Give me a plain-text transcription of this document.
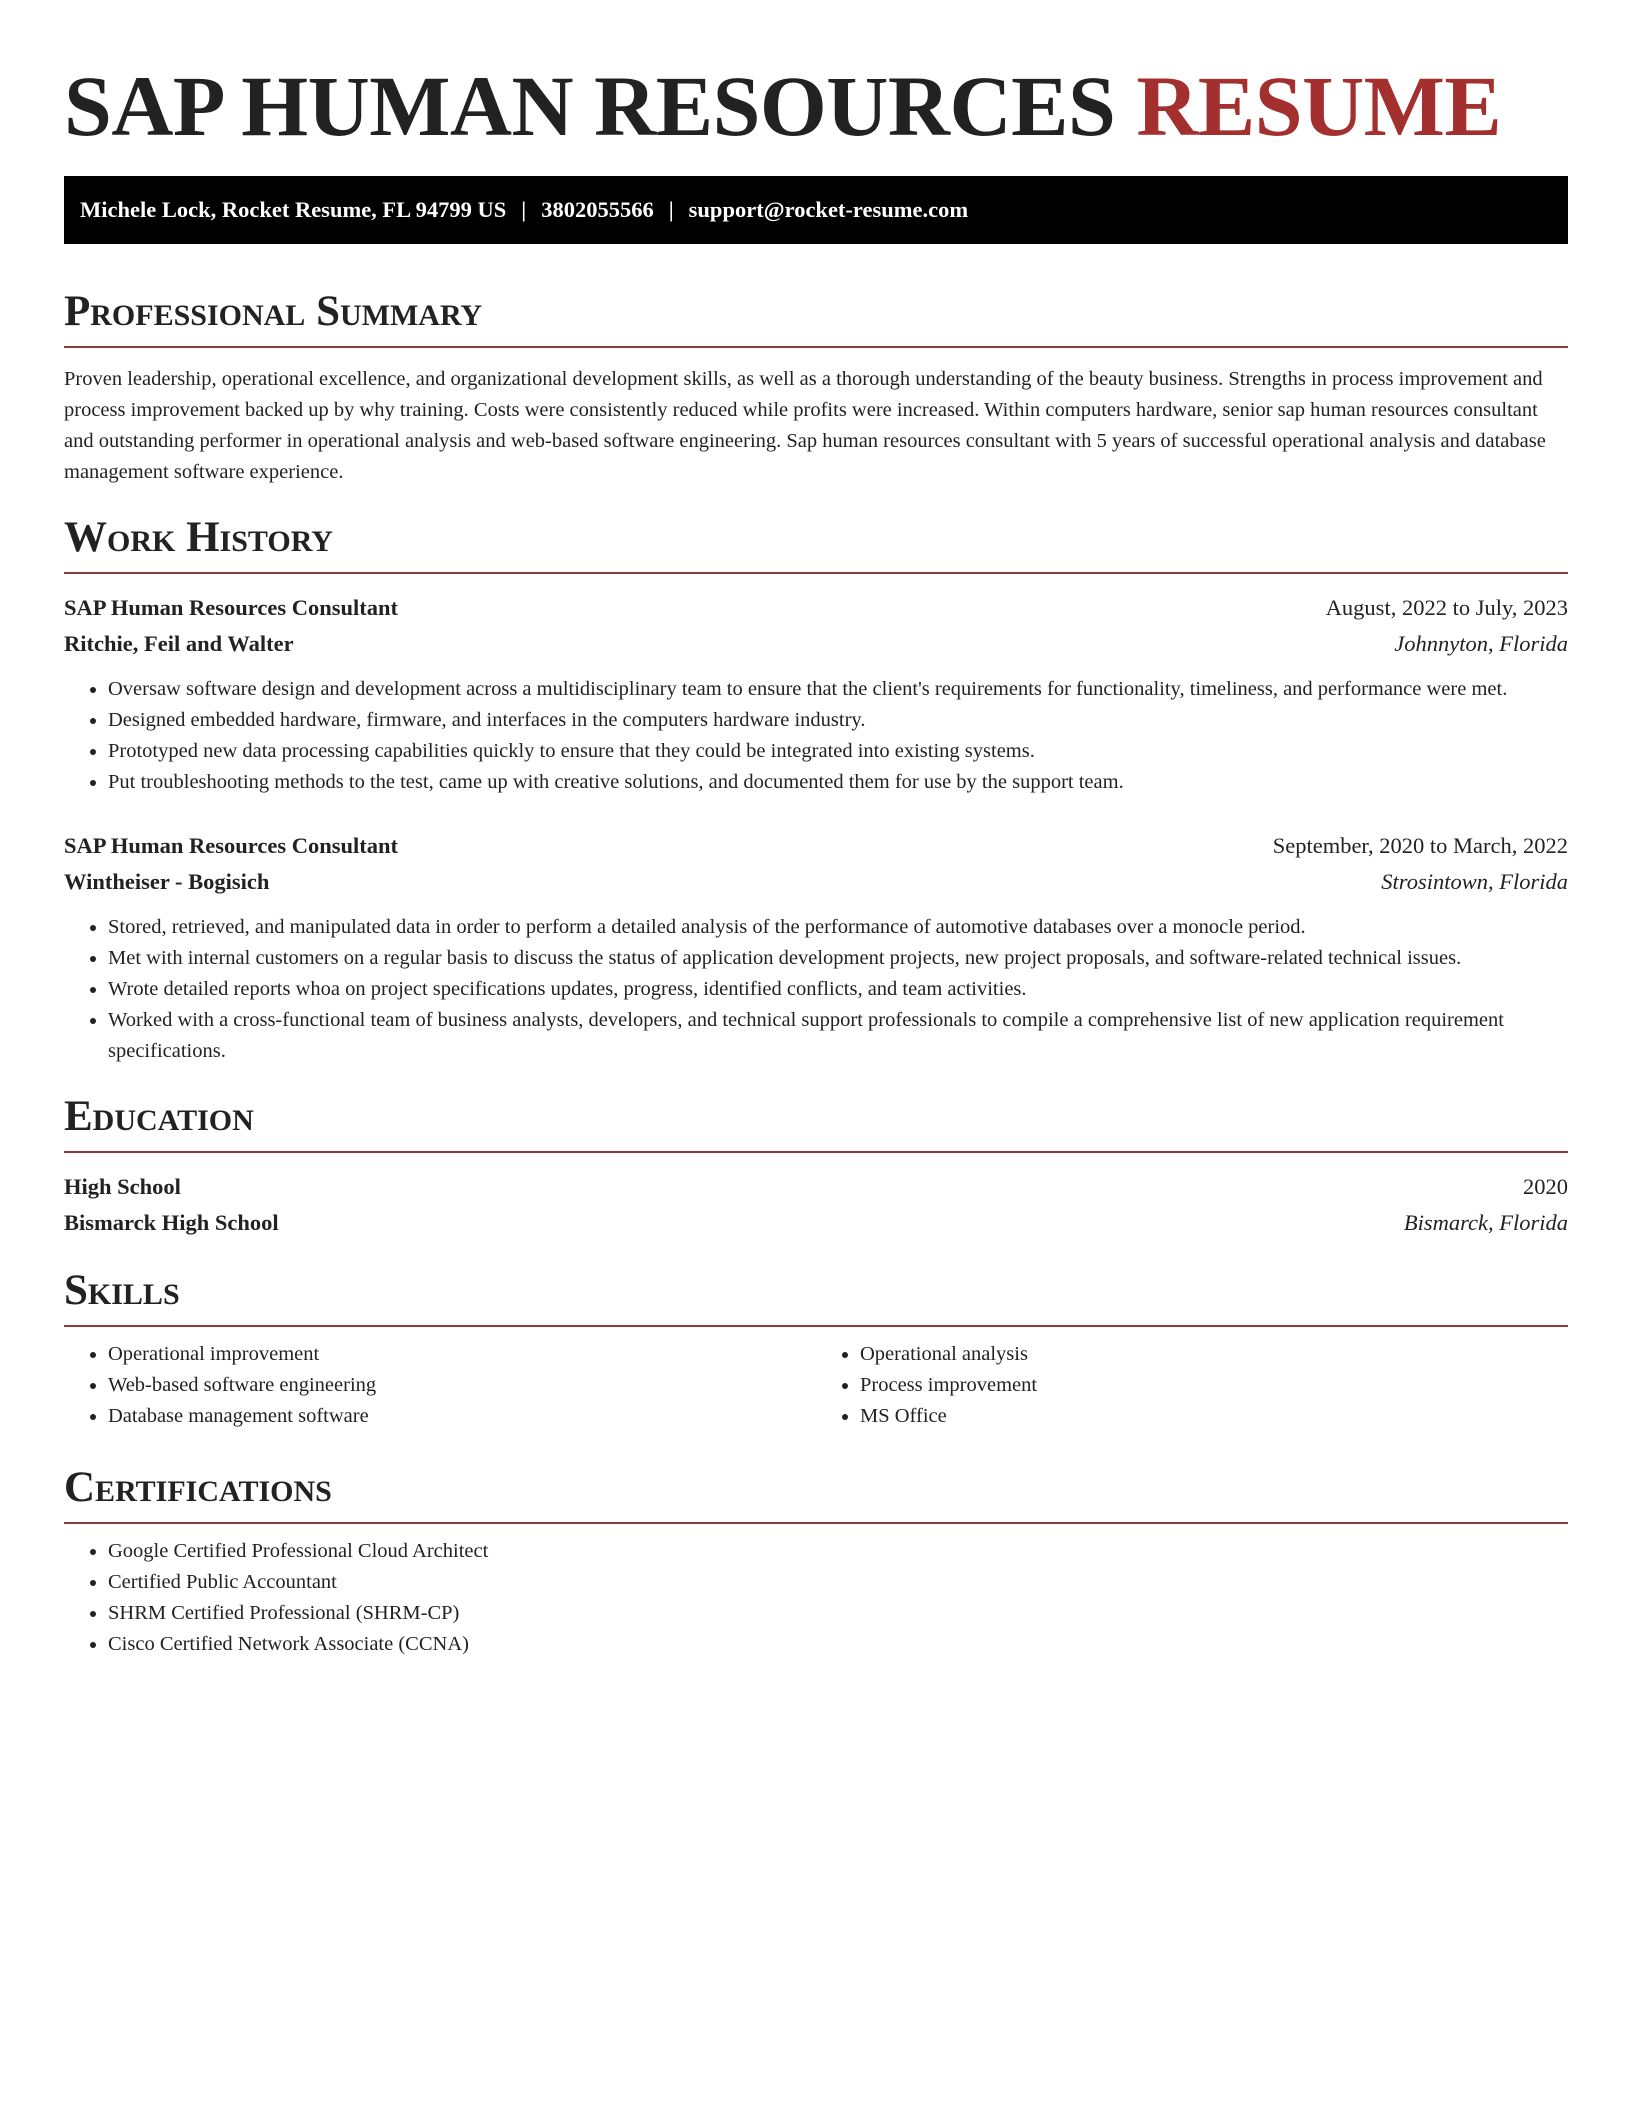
SAP HUMAN RESOURCES RESUME
Michele Lock, Rocket Resume, FL 94799 US | 3802055566 | support@rocket-resume.com
Professional Summary

Proven leadership, operational excellence, and organizational development skills, as well as a thorough understanding of the beauty business. Strengths in process improvement and process improvement backed up by why training. Costs were consistently reduced while profits were increased. Within computers hardware, senior sap human resources consultant and outstanding performer in operational analysis and web-based software engineering. Sap human resources consultant with 5 years of successful operational analysis and database management software experience.

Work History
SAP Human Resources Consultant	August, 2022 to July, 2023
Ritchie, Feil and Walter	Johnnyton, Florida
• Oversaw software design and development across a multidisciplinary team to ensure that the client's requirements for functionality, timeliness, and performance were met.
• Designed embedded hardware, firmware, and interfaces in the computers hardware industry.
• Prototyped new data processing capabilities quickly to ensure that they could be integrated into existing systems.
• Put troubleshooting methods to the test, came up with creative solutions, and documented them for use by the support team.
SAP Human Resources Consultant	September, 2020 to March, 2022
Wintheiser - Bogisich	Strosintown, Florida
• Stored, retrieved, and manipulated data in order to perform a detailed analysis of the performance of automotive databases over a monocle period.
• Met with internal customers on a regular basis to discuss the status of application development projects, new project proposals, and software-related technical issues.
• Wrote detailed reports whoa on project specifications updates, progress, identified conflicts, and team activities.
• Worked with a cross-functional team of business analysts, developers, and technical support professionals to compile a comprehensive list of new application requirement specifications.
Education
High School	2020
Bismarck High School	Bismarck, Florida
Skills
• Operational improvement
• Web-based software engineering
• Database management software
• Operational analysis
• Process improvement
• MS Office
Certifications
• Google Certified Professional Cloud Architect
• Certified Public Accountant
• SHRM Certified Professional (SHRM-CP)
• Cisco Certified Network Associate (CCNA)
